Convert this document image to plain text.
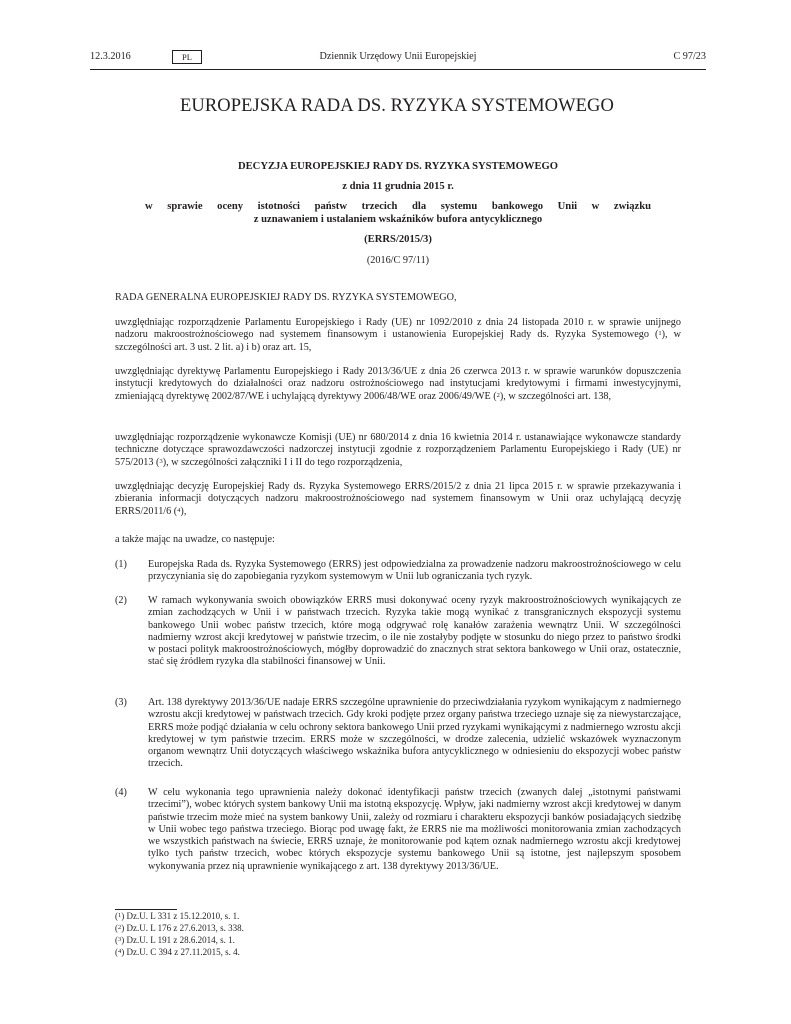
12.3.2016	PL	Dziennik Urzędowy Unii Europejskiej	C 97/23
EUROPEJSKA RADA DS. RYZYKA SYSTEMOWEGO
DECYZJA EUROPEJSKIEJ RADY DS. RYZYKA SYSTEMOWEGO
z dnia 11 grudnia 2015 r.
w sprawie oceny istotności państw trzecich dla systemu bankowego Unii w związku
z uznawaniem i ustalaniem wskaźników bufora antycyklicznego
(ERRS/2015/3)
(2016/C 97/11)
RADA GENERALNA EUROPEJSKIEJ RADY DS. RYZYKA SYSTEMOWEGO,
uwzględniając rozporządzenie Parlamentu Europejskiego i Rady (UE) nr 1092/2010 z dnia 24 listopada 2010 r. w sprawie unijnego nadzoru makroostrożnościowego nad systemem finansowym i ustanowienia Europejskiej Rady ds. Ryzyka Systemowego ($^1$), w szczególności art. 3 ust. 2 lit. a) i b) oraz art. 15,
uwzględniając dyrektywę Parlamentu Europejskiego i Rady 2013/36/UE z dnia 26 czerwca 2013 r. w sprawie warunków dopuszczenia instytucji kredytowych do działalności oraz nadzoru ostrożnościowego nad instytucjami kredytowymi i firmami inwestycyjnymi, zmieniającą dyrektywę 2002/87/WE i uchylającą dyrektywy 2006/48/WE oraz 2006/49/WE ($^2$), w szczególności art. 138,
uwzględniając rozporządzenie wykonawcze Komisji (UE) nr 680/2014 z dnia 16 kwietnia 2014 r. ustanawiające wykonawcze standardy techniczne dotyczące sprawozdawczości nadzorczej instytucji zgodnie z rozporządzeniem Parlamentu Europejskiego i Rady (UE) nr 575/2013 ($^3$), w szczególności załączniki I i II do tego rozporządzenia,
uwzględniając decyzję Europejskiej Rady ds. Ryzyka Systemowego ERRS/2015/2 z dnia 21 lipca 2015 r. w sprawie przekazywania i zbierania informacji dotyczących nadzoru makroostrożnościowego nad systemem finansowym w Unii oraz uchylającą decyzję ERRS/2011/6 ($^4$),
a także mając na uwadze, co następuje:
(1) Europejska Rada ds. Ryzyka Systemowego (ERRS) jest odpowiedzialna za prowadzenie nadzoru makroostrożnościowego w celu przyczyniania się do zapobiegania ryzykom systemowym w Unii lub ograniczania tych ryzyk.
(2) W ramach wykonywania swoich obowiązków ERRS musi dokonywać oceny ryzyk makroostrożnościowych wynikających ze zmian zachodzących w Unii i w państwach trzecich. Ryzyka takie mogą wynikać z transgranicznych ekspozycji systemu bankowego Unii wobec państw trzecich, które mogą odgrywać rolę kanałów zarażenia wewnątrz Unii. W szczególności nadmierny wzrost akcji kredytowej w państwie trzecim, o ile nie zostałyby podjęte w stosunku do niego przez to państwo środki w postaci polityk makroostrożnościowych, mógłby doprowadzić do znacznych strat sektora bankowego w Unii oraz, ostatecznie, stać się źródłem ryzyka dla stabilności finansowej w Unii.
(3) Art. 138 dyrektywy 2013/36/UE nadaje ERRS szczególne uprawnienie do przeciwdziałania ryzykom wynikającym z nadmiernego wzrostu akcji kredytowej w państwach trzecich. Gdy kroki podjęte przez organy państwa trzeciego uznaje się za niewystarczające, ERRS może podjąć działania w celu ochrony sektora bankowego Unii przed ryzykami wynikającymi z nadmiernego wzrostu akcji kredytowej w tym państwie trzecim. ERRS może w szczególności, w drodze zalecenia, udzielić wskazówek wyznaczonym organom wewnątrz Unii dotyczących właściwego wskaźnika bufora antycyklicznego w odniesieniu do ekspozycji wobec państw trzecich.
(4) W celu wykonania tego uprawnienia należy dokonać identyfikacji państw trzecich (zwanych dalej „istotnymi państwami trzecimi”), wobec których system bankowy Unii ma istotną ekspozycję. Wpływ, jaki nadmierny wzrost akcji kredytowej w danym państwie trzecim może mieć na system bankowy Unii, zależy od rozmiaru i charakteru ekspozycji banków posiadających siedzibę w Unii wobec tego państwa trzeciego. Biorąc pod uwagę fakt, że ERRS nie ma możliwości monitorowania zmian zachodzących we wszystkich państwach na świecie, ERRS uznaje, że monitorowanie pod kątem oznak nadmiernego wzrostu akcji kredytowej tylko tych państw trzecich, wobec których ekspozycje systemu bankowego Unii są istotne, jest najlepszym sposobem wykonywania przez nią uprawnienie wynikającego z art. 138 dyrektywy 2013/36/UE.
($^1$) Dz.U. L 331 z 15.12.2010, s. 1.
($^2$) Dz.U. L 176 z 27.6.2013, s. 338.
($^3$) Dz.U. L 191 z 28.6.2014, s. 1.
($^4$) Dz.U. C 394 z 27.11.2015, s. 4.
